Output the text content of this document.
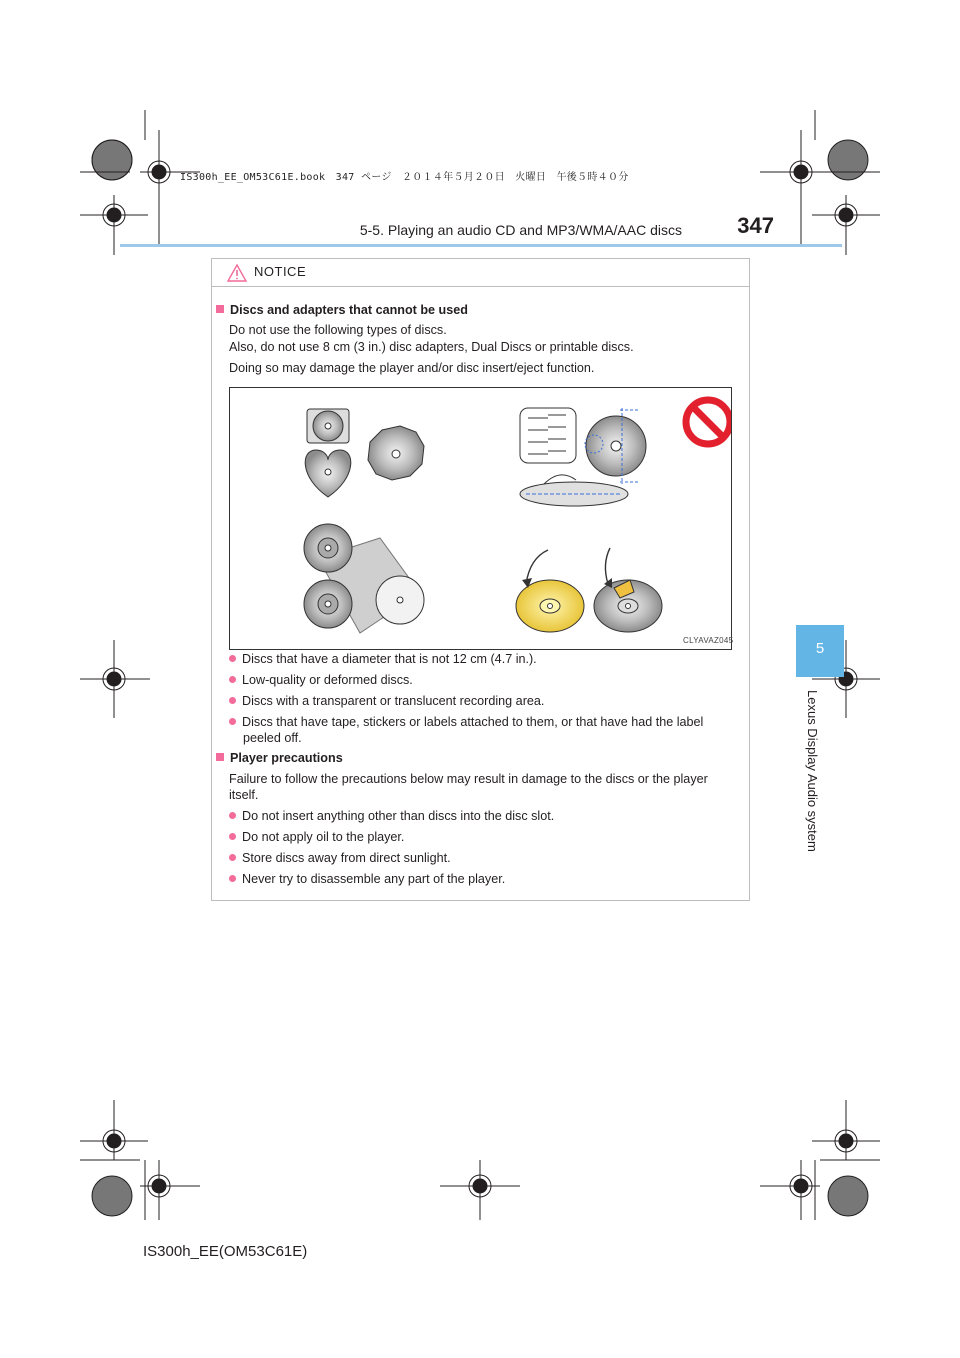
IS300h_EE_OM53C61E.book　347 ページ　２０１４年５月２０日　火曜日　午後５時４０分
5-5. Playing an audio CD and MP3/WMA/AAC discs	347
5
Lexus Display Audio system
NOTICE
Discs and adapters that cannot be used
Do not use the following types of discs.
Also, do not use 8 cm (3 in.) disc adapters, Dual Discs or printable discs.
Doing so may damage the player and/or disc insert/eject function.
CLYAVAZ045
Discs that have a diameter that is not 12 cm (4.7 in.).
Low-quality or deformed discs.
Discs with a transparent or translucent recording area.
Discs that have tape, stickers or labels attached to them, or that have had the label
peeled off.
Player precautions
Failure to follow the precautions below may result in damage to the discs or the player
itself.
Do not insert anything other than discs into the disc slot.
Do not apply oil to the player.
Store discs away from direct sunlight.
Never try to disassemble any part of the player.
IS300h_EE(OM53C61E)
